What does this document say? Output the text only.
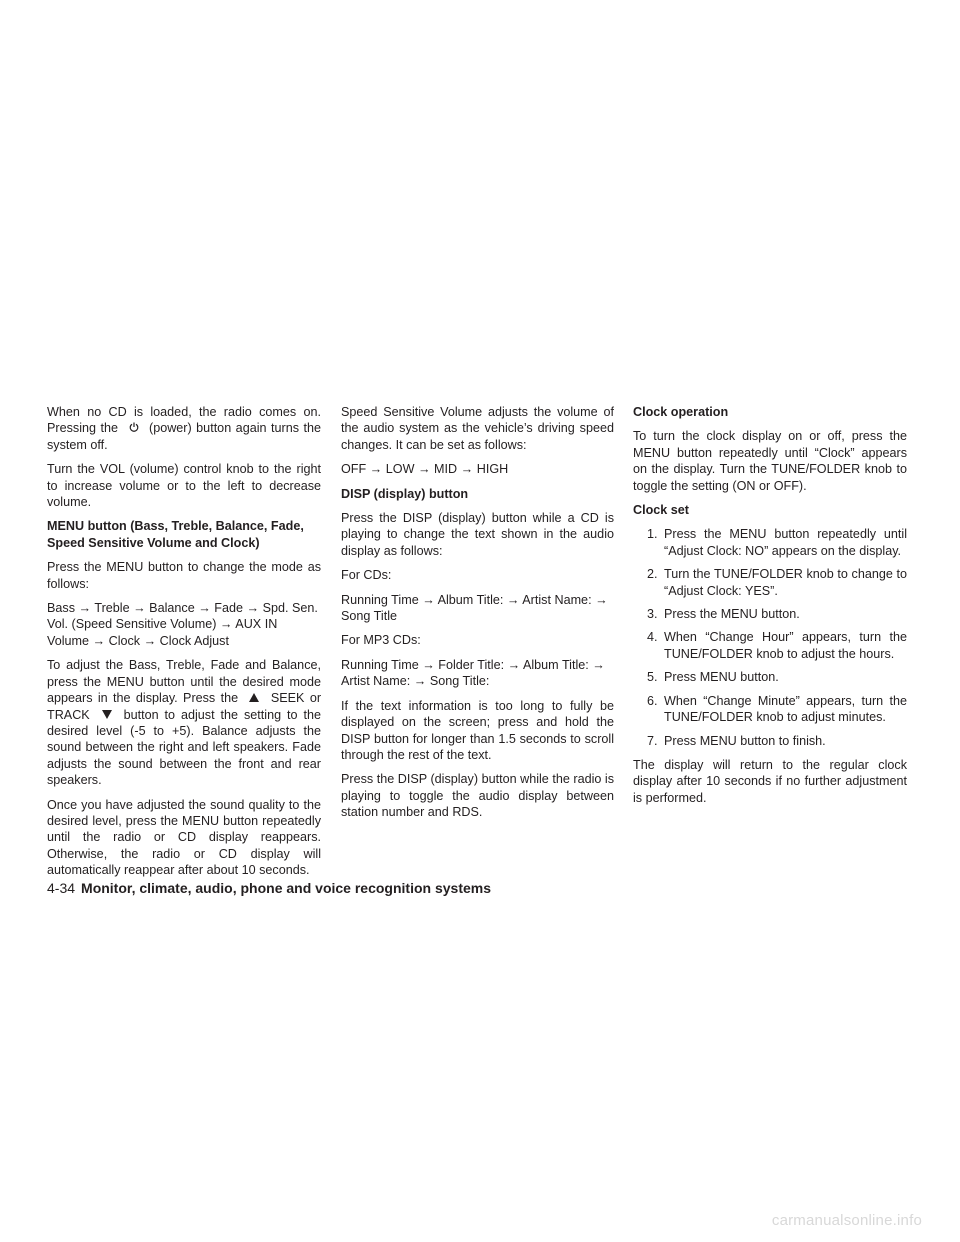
When no CD is loaded, the radio comes on. Pressing the (power) button again turns the system off.

Turn the VOL (volume) control knob to the right to increase volume or to the left to decrease volume.

MENU button (Bass, Treble, Balance, Fade, Speed Sensitive Volume and Clock)

Press the MENU button to change the mode as follows:

Bass → Treble → Balance → Fade → Spd. Sen. Vol. (Speed Sensitive Volume) → AUX IN Volume → Clock → Clock Adjust

To adjust the Bass, Treble, Fade and Balance, press the MENU button until the desired mode appears in the display. Press the	SEEK or TRACK	button to adjust the setting to the desired level (-5 to +5). Balance adjusts the sound between the right and left speakers. Fade adjusts the sound between the front and rear speakers.

Once you have adjusted the sound quality to the desired level, press the MENU button repeatedly until the radio or CD display reappears. Otherwise, the radio or CD display will automatically reappear after about 10 seconds.

Speed Sensitive Volume adjusts the volume of the audio system as the vehicle’s driving speed changes. It can be set as follows:

OFF → LOW → MID → HIGH

DISP (display) button

Press the DISP (display) button while a CD is playing to change the text shown in the audio display as follows:

For CDs:

Running Time → Album Title: → Artist Name: → Song Title

For MP3 CDs:

Running Time → Folder Title: → Album Title: → Artist Name: → Song Title:

If the text information is too long to fully be displayed on the screen; press and hold the DISP button for longer than 1.5 seconds to scroll through the rest of the text.

Press the DISP (display) button while the radio is playing to toggle the audio display between station number and RDS.

Clock operation

To turn the clock display on or off, press the MENU button repeatedly until “Clock” appears on the display. Turn the TUNE/FOLDER knob to toggle the setting (ON or OFF).

Clock set
1. Press the MENU button repeatedly until “Adjust Clock: NO” appears on the display.
2. Turn the TUNE/FOLDER knob to change to “Adjust Clock: YES”.
3. Press the MENU button.
4. When “Change Hour” appears, turn the TUNE/FOLDER knob to adjust the hours.
5. Press MENU button.
6. When “Change Minute” appears, turn the TUNE/FOLDER knob to adjust minutes.
7. Press MENU button to finish.

The display will return to the regular clock display after 10 seconds if no further adjustment is performed.

4-34 Monitor, climate, audio, phone and voice recognition systems
carmanualsonline.info
